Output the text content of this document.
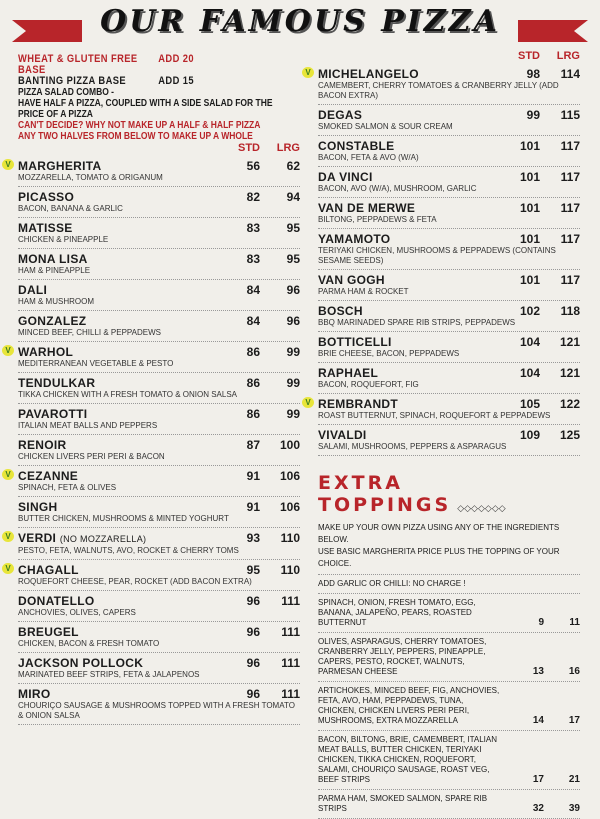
OUR FAMOUS PIZZA
WHEAT & GLUTEN FREE BASE
ADD 20
BANTING PIZZA BASE	ADD 15
PIZZA SALAD COMBO -
HAVE HALF A PIZZA, COUPLED WITH A SIDE SALAD FOR THE PRICE OF A PIZZA
CAN'T DECIDE? WHY NOT MAKE UP A HALF & HALF PIZZA
ANY TWO HALVES FROM BELOW TO MAKE UP A WHOLE
STD	LRG
V MARGHERITA
MOZZARELLA, TOMATO & ORIGANUM
56	62
PICASSO
BACON, BANANA & GARLIC
82	94
MATISSE
CHICKEN & PINEAPPLE
83	95
MONA LISA
HAM & PINEAPPLE
83	95
DALI
HAM & MUSHROOM
84	96
GONZALEZ
MINCED BEEF, CHILLI & PEPPADEWS
84	96
V WARHOL
MEDITERRANEAN VEGETABLE & PESTO
86	99
TENDULKAR
TIKKA CHICKEN WITH A FRESH TOMATO & ONION SALSA
86	99
PAVAROTTI
ITALIAN MEAT BALLS AND PEPPERS
86	99
RENOIR
CHICKEN LIVERS PERI PERI & BACON
87	100
V CEZANNE
SPINACH, FETA & OLIVES
91	106
SINGH
BUTTER CHICKEN, MUSHROOMS & MINTED YOGHURT
91	106
V VERDI (NO MOZZARELLA)
PESTO, FETA, WALNUTS, AVO, ROCKET & CHERRY TOMS
93	110
V CHAGALL
ROQUEFORT CHEESE, PEAR, ROCKET (ADD BACON EXTRA)
95	110
DONATELLO
ANCHOVIES, OLIVES, CAPERS
96	111
BREUGEL
CHICKEN, BACON & FRESH TOMATO
96	111
JACKSON POLLOCK
MARINATED BEEF STRIPS, FETA & JALAPENOS
96	111
MIRO
CHOURIÇO SAUSAGE & MUSHROOMS TOPPED WITH A FRESH TOMATO & ONION SALSA
96	111
STD	LRG
V MICHELANGELO
CAMEMBERT, CHERRY TOMATOES & CRANBERRY JELLY (ADD BACON EXTRA)
98	114
DEGAS
SMOKED SALMON & SOUR CREAM
99	115
CONSTABLE
BACON, FETA & AVO (W/A)
101	117
DA VINCI
BACON, AVO (W/A), MUSHROOM, GARLIC
101	117
VAN DE MERWE
BILTONG, PEPPADEWS & FETA
101	117
YAMAMOTO
TERIYAKI CHICKEN, MUSHROOMS & PEPPADEWS (CONTAINS SESAME SEEDS)
101	117
VAN GOGH
PARMA HAM & ROCKET
101	117
BOSCH
BBQ MARINADED SPARE RIB STRIPS, PEPPADEWS
102	118
BOTTICELLI
BRIE CHEESE, BACON, PEPPADEWS
104	121
RAPHAEL
BACON, ROQUEFORT, FIG
104	121
V REMBRANDT
ROAST BUTTERNUT, SPINACH, ROQUEFORT & PEPPADEWS
105	122
VIVALDI
SALAMI, MUSHROOMS, PEPPERS & ASPARAGUS
109	125
EXTRA TOPPINGS ◇◇◇◇◇◇◇
MAKE UP YOUR OWN PIZZA USING ANY OF THE INGREDIENTS BELOW.
USE BASIC MARGHERITA PRICE PLUS THE TOPPING OF YOUR CHOICE.
ADD GARLIC OR CHILLI: NO CHARGE !
SPINACH, ONION, FRESH TOMATO, EGG, BANANA, JALAPEÑO, PEARS, ROASTED BUTTERNUT	9	11
OLIVES, ASPARAGUS, CHERRY TOMATOES, CRANBERRY JELLY, PEPPERS, PINEAPPLE, CAPERS, PESTO, ROCKET, WALNUTS, PARMESAN CHEESE	13	16
ARTICHOKES, MINCED BEEF, FIG, ANCHOVIES, FETA, AVO, HAM, PEPPADEWS, TUNA, CHICKEN, CHICKEN LIVERS PERI PERI, MUSHROOMS, EXTRA MOZZARELLA	14	17
BACON, BILTONG, BRIE, CAMEMBERT, ITALIAN MEAT BALLS, BUTTER CHICKEN, TERIYAKI CHICKEN, TIKKA CHICKEN, ROQUEFORT, SALAMI, CHOURIÇO SAUSAGE, ROAST VEG, BEEF STRIPS	17	21
PARMA HAM, SMOKED SALMON, SPARE RIB STRIPS	32	39
